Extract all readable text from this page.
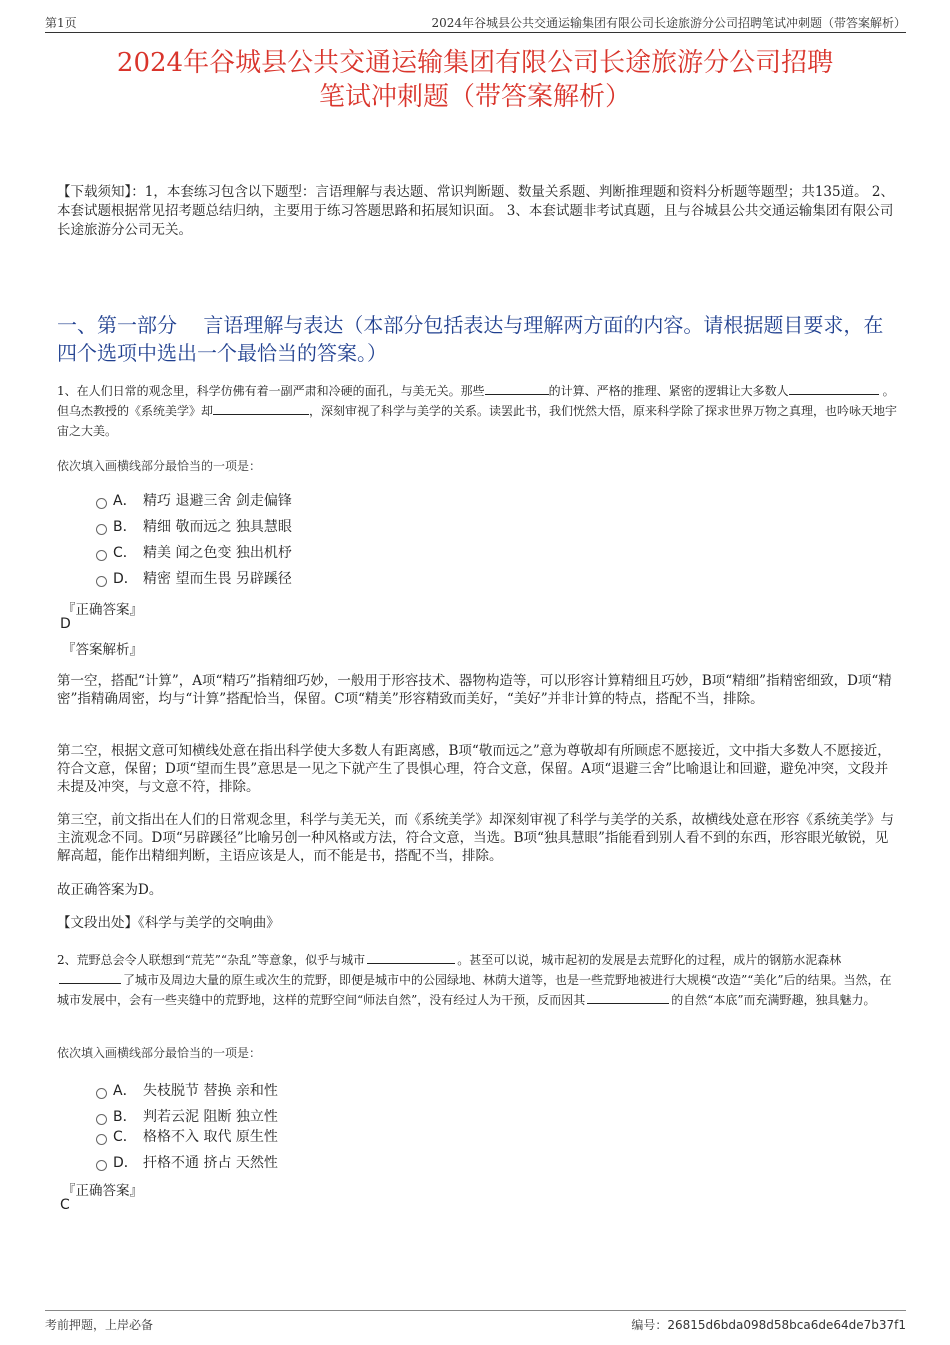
第1页	2024年谷城县公共交通运输集团有限公司长途旅游分公司招聘笔试冲刺题（带答案解析）
2024年谷城县公共交通运输集团有限公司长途旅游分公司招聘
笔试冲刺题（带答案解析）
【下载须知】：1，本套练习包含以下题型：言语理解与表达题、常识判断题、数量关系题、判断推理题和资料分析题等题型；共135道。 2、本套试题根据常见招考题总结归纳，主要用于练习答题思路和拓展知识面。 3、本套试题非考试真题，且与谷城县公共交通运输集团有限公司长途旅游分公司无关。
一、第一部分　 言语理解与表达（本部分包括表达与理解两方面的内容。请根据题目要求，在四个选项中选出一个最恰当的答案。）
1、在人们日常的观念里，科学仿佛有着一副严肃和冷硬的面孔，与美无关。那些	的计算、严格的推理、紧密的逻辑让大多数人	。但乌杰教授的《系统美学》却	，深刻审视了科学与美学的关系。读罢此书，我们恍然大悟，原来科学除了探求世界万物之真理，也吟咏天地宇宙之大美。
依次填入画横线部分最恰当的一项是：
A． 精巧 退避三舍 剑走偏锋
B． 精细 敬而远之 独具慧眼
C． 精美 闻之色变 独出机杼
D． 精密 望而生畏 另辟蹊径
『正确答案』
D
『答案解析』
第一空，搭配“计算”，A项“精巧”指精细巧妙，一般用于形容技术、器物构造等，可以形容计算精细且巧妙，B项“精细”指精密细致，D项“精密”指精确周密，均与“计算”搭配恰当，保留。C项“精美”形容精致而美好，“美好”并非计算的特点，搭配不当，排除。
第二空，根据文意可知横线处意在指出科学使大多数人有距离感，B项“敬而远之”意为尊敬却有所顾虑不愿接近，文中指大多数人不愿接近，符合文意，保留；D项“望而生畏”意思是一见之下就产生了畏惧心理，符合文意，保留。A项“退避三舍”比喻退让和回避，避免冲突，文段并未提及冲突，与文意不符，排除。
第三空，前文指出在人们的日常观念里，科学与美无关，而《系统美学》却深刻审视了科学与美学的关系，故横线处意在形容《系统美学》与主流观念不同。D项“另辟蹊径”比喻另创一种风格或方法，符合文意，当选。B项“独具慧眼”指能看到别人看不到的东西，形容眼光敏锐，见解高超，能作出精细判断，主语应该是人，而不能是书，搭配不当，排除。
故正确答案为D。
【文段出处】《科学与美学的交响曲》
2、荒野总会令人联想到“荒芜”“杂乱”等意象，似乎与城市	。甚至可以说，城市起初的发展是去荒野化的过程，成片的钢筋水泥森林了城市及周边大量的原生或次生的荒野，即便是城市中的公园绿地、林荫大道等，也是一些荒野地被进行大规模“改造”“美化”后的结果。当然，在城市发展中，会有一些夹缝中的荒野地，这样的荒野空间“师法自然”，没有经过人为干预，反而因其	的自然“本底”而充满野趣，独具魅力。
依次填入画横线部分最恰当的一项是：
A． 失枝脱节 替换 亲和性
B． 判若云泥 阻断 独立性
C． 格格不入 取代 原生性
D． 扞格不通 挤占 天然性
『正确答案』
C
考前押题，上岸必备	编号：26815d6bda098d58bca6de64de7b37f1
